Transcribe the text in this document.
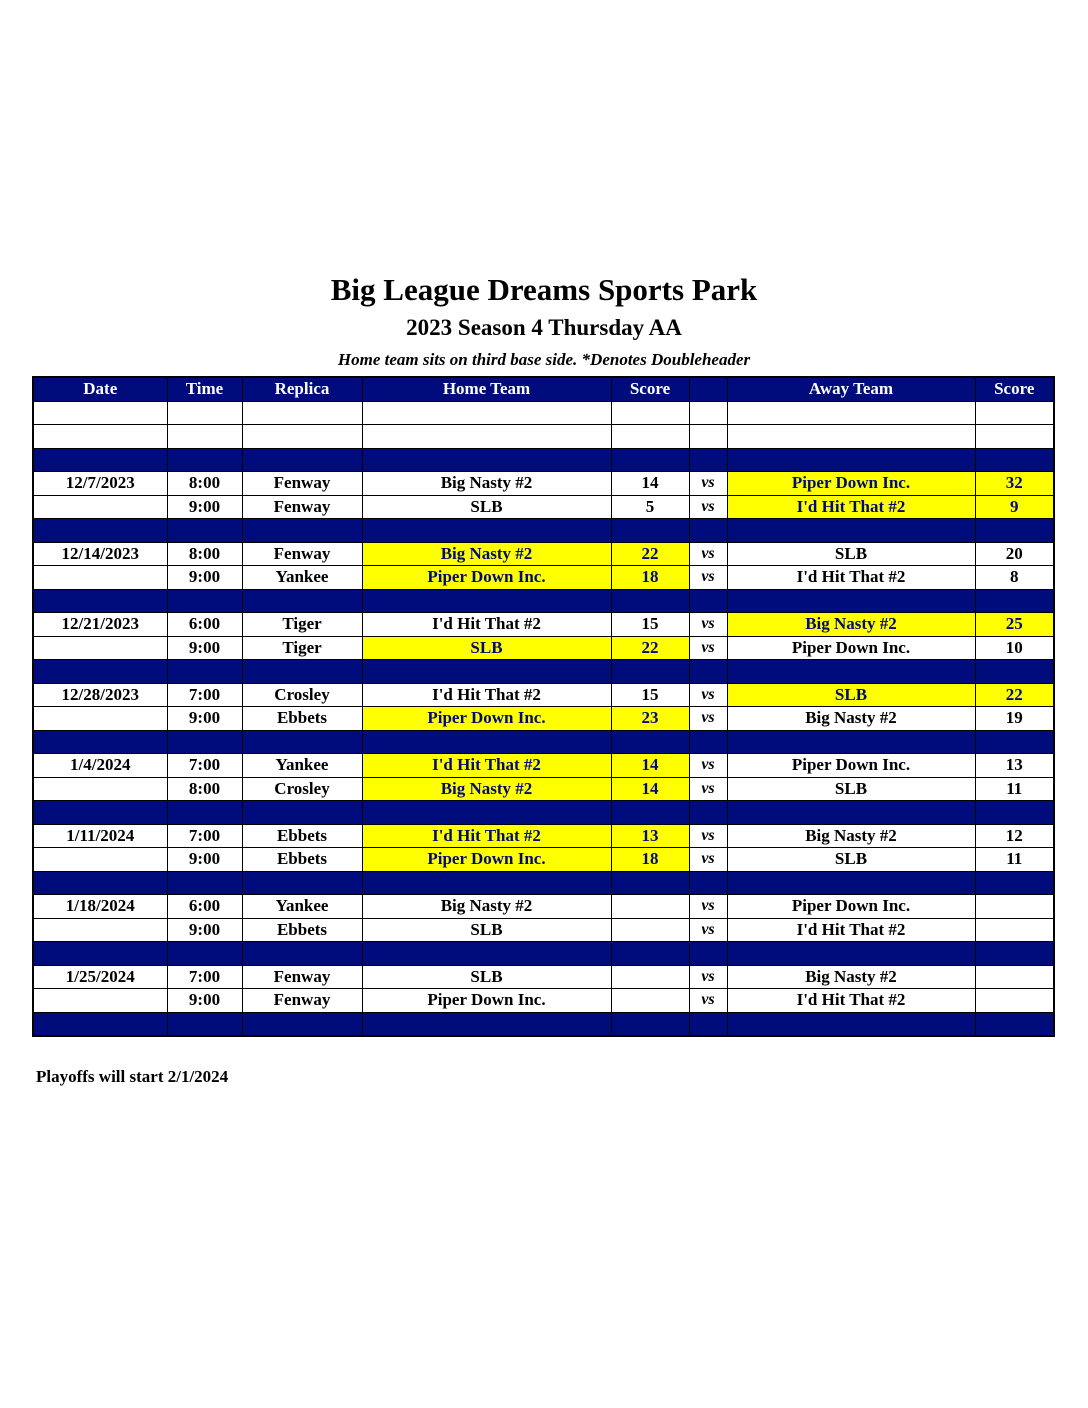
Big League Dreams Sports Park
2023 Season 4 Thursday AA
Home team sits on third base side. *Denotes Doubleheader
Date	Time	Replica	Home Team	Score		Away Team	Score

12/7/2023	8:00	Fenway	Big Nasty #2	14	vs	Piper Down Inc.	32
	9:00	Fenway	SLB	5	vs	I'd Hit That #2	9

12/14/2023	8:00	Fenway	Big Nasty #2	22	vs	SLB	20
	9:00	Yankee	Piper Down Inc.	18	vs	I'd Hit That #2	8

12/21/2023	6:00	Tiger	I'd Hit That #2	15	vs	Big Nasty #2	25
	9:00	Tiger	SLB	22	vs	Piper Down Inc.	10

12/28/2023	7:00	Crosley	I'd Hit That #2	15	vs	SLB	22
	9:00	Ebbets	Piper Down Inc.	23	vs	Big Nasty #2	19

1/4/2024	7:00	Yankee	I'd Hit That #2	14	vs	Piper Down Inc.	13
	8:00	Crosley	Big Nasty #2	14	vs	SLB	11

1/11/2024	7:00	Ebbets	I'd Hit That #2	13	vs	Big Nasty #2	12
	9:00	Ebbets	Piper Down Inc.	18	vs	SLB	11

1/18/2024	6:00	Yankee	Big Nasty #2		vs	Piper Down Inc.	
	9:00	Ebbets	SLB		vs	I'd Hit That #2	

1/25/2024	7:00	Fenway	SLB		vs	Big Nasty #2	
	9:00	Fenway	Piper Down Inc.		vs	I'd Hit That #2	

Playoffs will start 2/1/2024
